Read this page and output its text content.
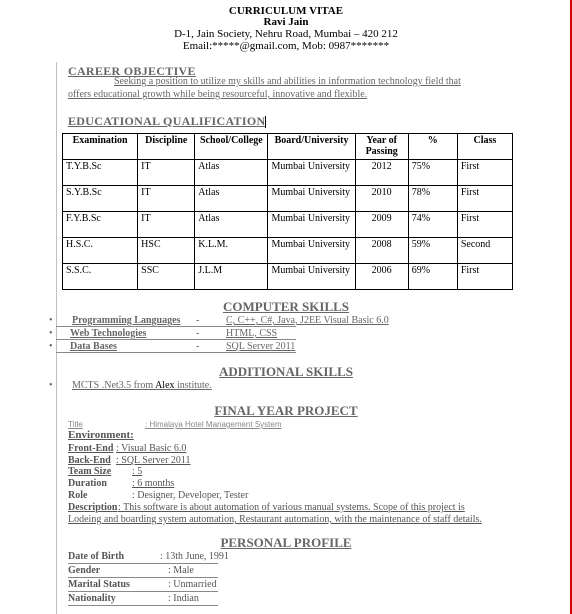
CURRICULUM VITAE
Ravi Jain
D-1, Jain Society, Nehru Road, Mumbai – 420 212
Email:*****@gmail.com, Mob: 0987*******
CAREER OBJECTIVE
Seeking a position to utilize my skills and abilities in information technology field that
offers educational growth while being resourceful, innovative and flexible.
EDUCATIONAL QUALIFICATION
Examination	Discipline	School/College	Board/University	Year of Passing	%	Class
T.Y.B.Sc	IT	Atlas	Mumbai University	2012	75%	First
S.Y.B.Sc	IT	Atlas	Mumbai University	2010	78%	First
F.Y.B.Sc	IT	Atlas	Mumbai University	2009	74%	First
H.S.C.	HSC	K.L.M.	Mumbai University	2008	59%	Second
S.S.C.	SSC	J.L.M	Mumbai University	2006	69%	First
COMPUTER SKILLS
• Programming Languages -	C, C++, C#, Java, J2EE Visual Basic 6.0
• Web Technologies	-	HTML, CSS
• Data Bases	-	SQL Server 2011
ADDITIONAL SKILLS
• MCTS .Net3.5 from Alex institute.
FINAL YEAR PROJECT
Title	: Himalaya Hotel Management System
Environment:
Front-End : Visual Basic 6.0
Back-End : SQL Server 2011
Team Size : 5
Duration	: 6 months
Role	: Designer, Developer, Tester
Description : This software is about automation of various manual systems. Scope of this project is
Lodeing and boarding system automation, Restaurant automation, with the maintenance of staff details.
PERSONAL PROFILE
Date of Birth	: 13th June, 1991
Gender	: Male
Marital Status	: Unmarried
Nationality	: Indian
